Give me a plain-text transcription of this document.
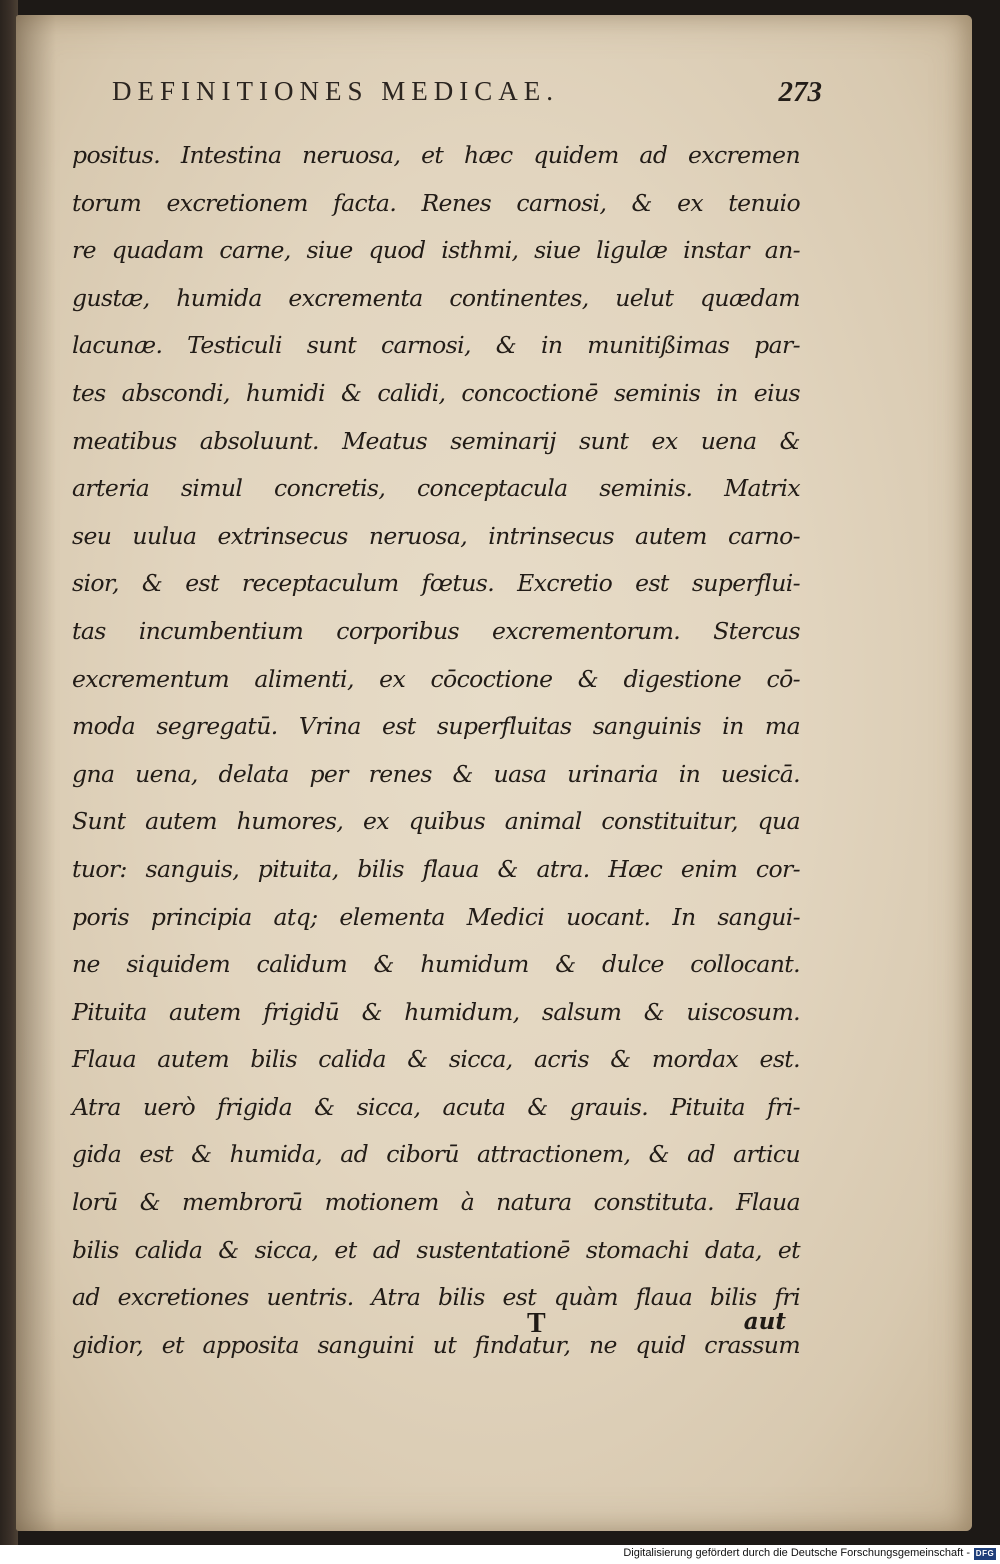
DEFINITIONES MEDICAE.	273
positus. Intestina neruosa, et hæc quidem ad excremen
torum excretionem facta. Renes carnosi, & ex tenuio
re quadam carne, siue quod isthmi, siue ligulæ instar an-
gustæ, humida excrementa continentes, uelut quædam
lacunæ. Testiculi sunt carnosi, & in munitißimas par-
tes abscondi, humidi & calidi, concoctionē seminis in eius
meatibus absoluunt. Meatus seminarij sunt ex uena &
arteria simul concretis, conceptacula seminis. Matrix
seu uulua extrinsecus neruosa, intrinsecus autem carno-
sior, & est receptaculum fœtus. Excretio est superflui-
tas incumbentium corporibus excrementorum. Stercus
excrementum alimenti, ex cōcoctione & digestione cō-
moda segregatū. Vrina est superfluitas sanguinis in ma
gna uena, delata per renes & uasa urinaria in uesicā.
Sunt autem humores, ex quibus animal constituitur, qua
tuor: sanguis, pituita, bilis flaua & atra. Hæc enim cor-
poris principia atq; elementa Medici uocant. In sangui-
ne siquidem calidum & humidum & dulce collocant.
Pituita autem frigidū & humidum, salsum & uiscosum.
Flaua autem bilis calida & sicca, acris & mordax est.
Atra uerò frigida & sicca, acuta & grauis. Pituita fri-
gida est & humida, ad ciborū attractionem, & ad articu
lorū & membrorū motionem à natura constituta. Flaua
bilis calida & sicca, et ad sustentationē stomachi data, et
ad excretiones uentris. Atra bilis est quàm flaua bilis fri
gidior, et apposita sanguini ut findatur, ne quid crassum
T	aut
Digitalisierung gefördert durch die Deutsche Forschungsgemeinschaft - DFG
